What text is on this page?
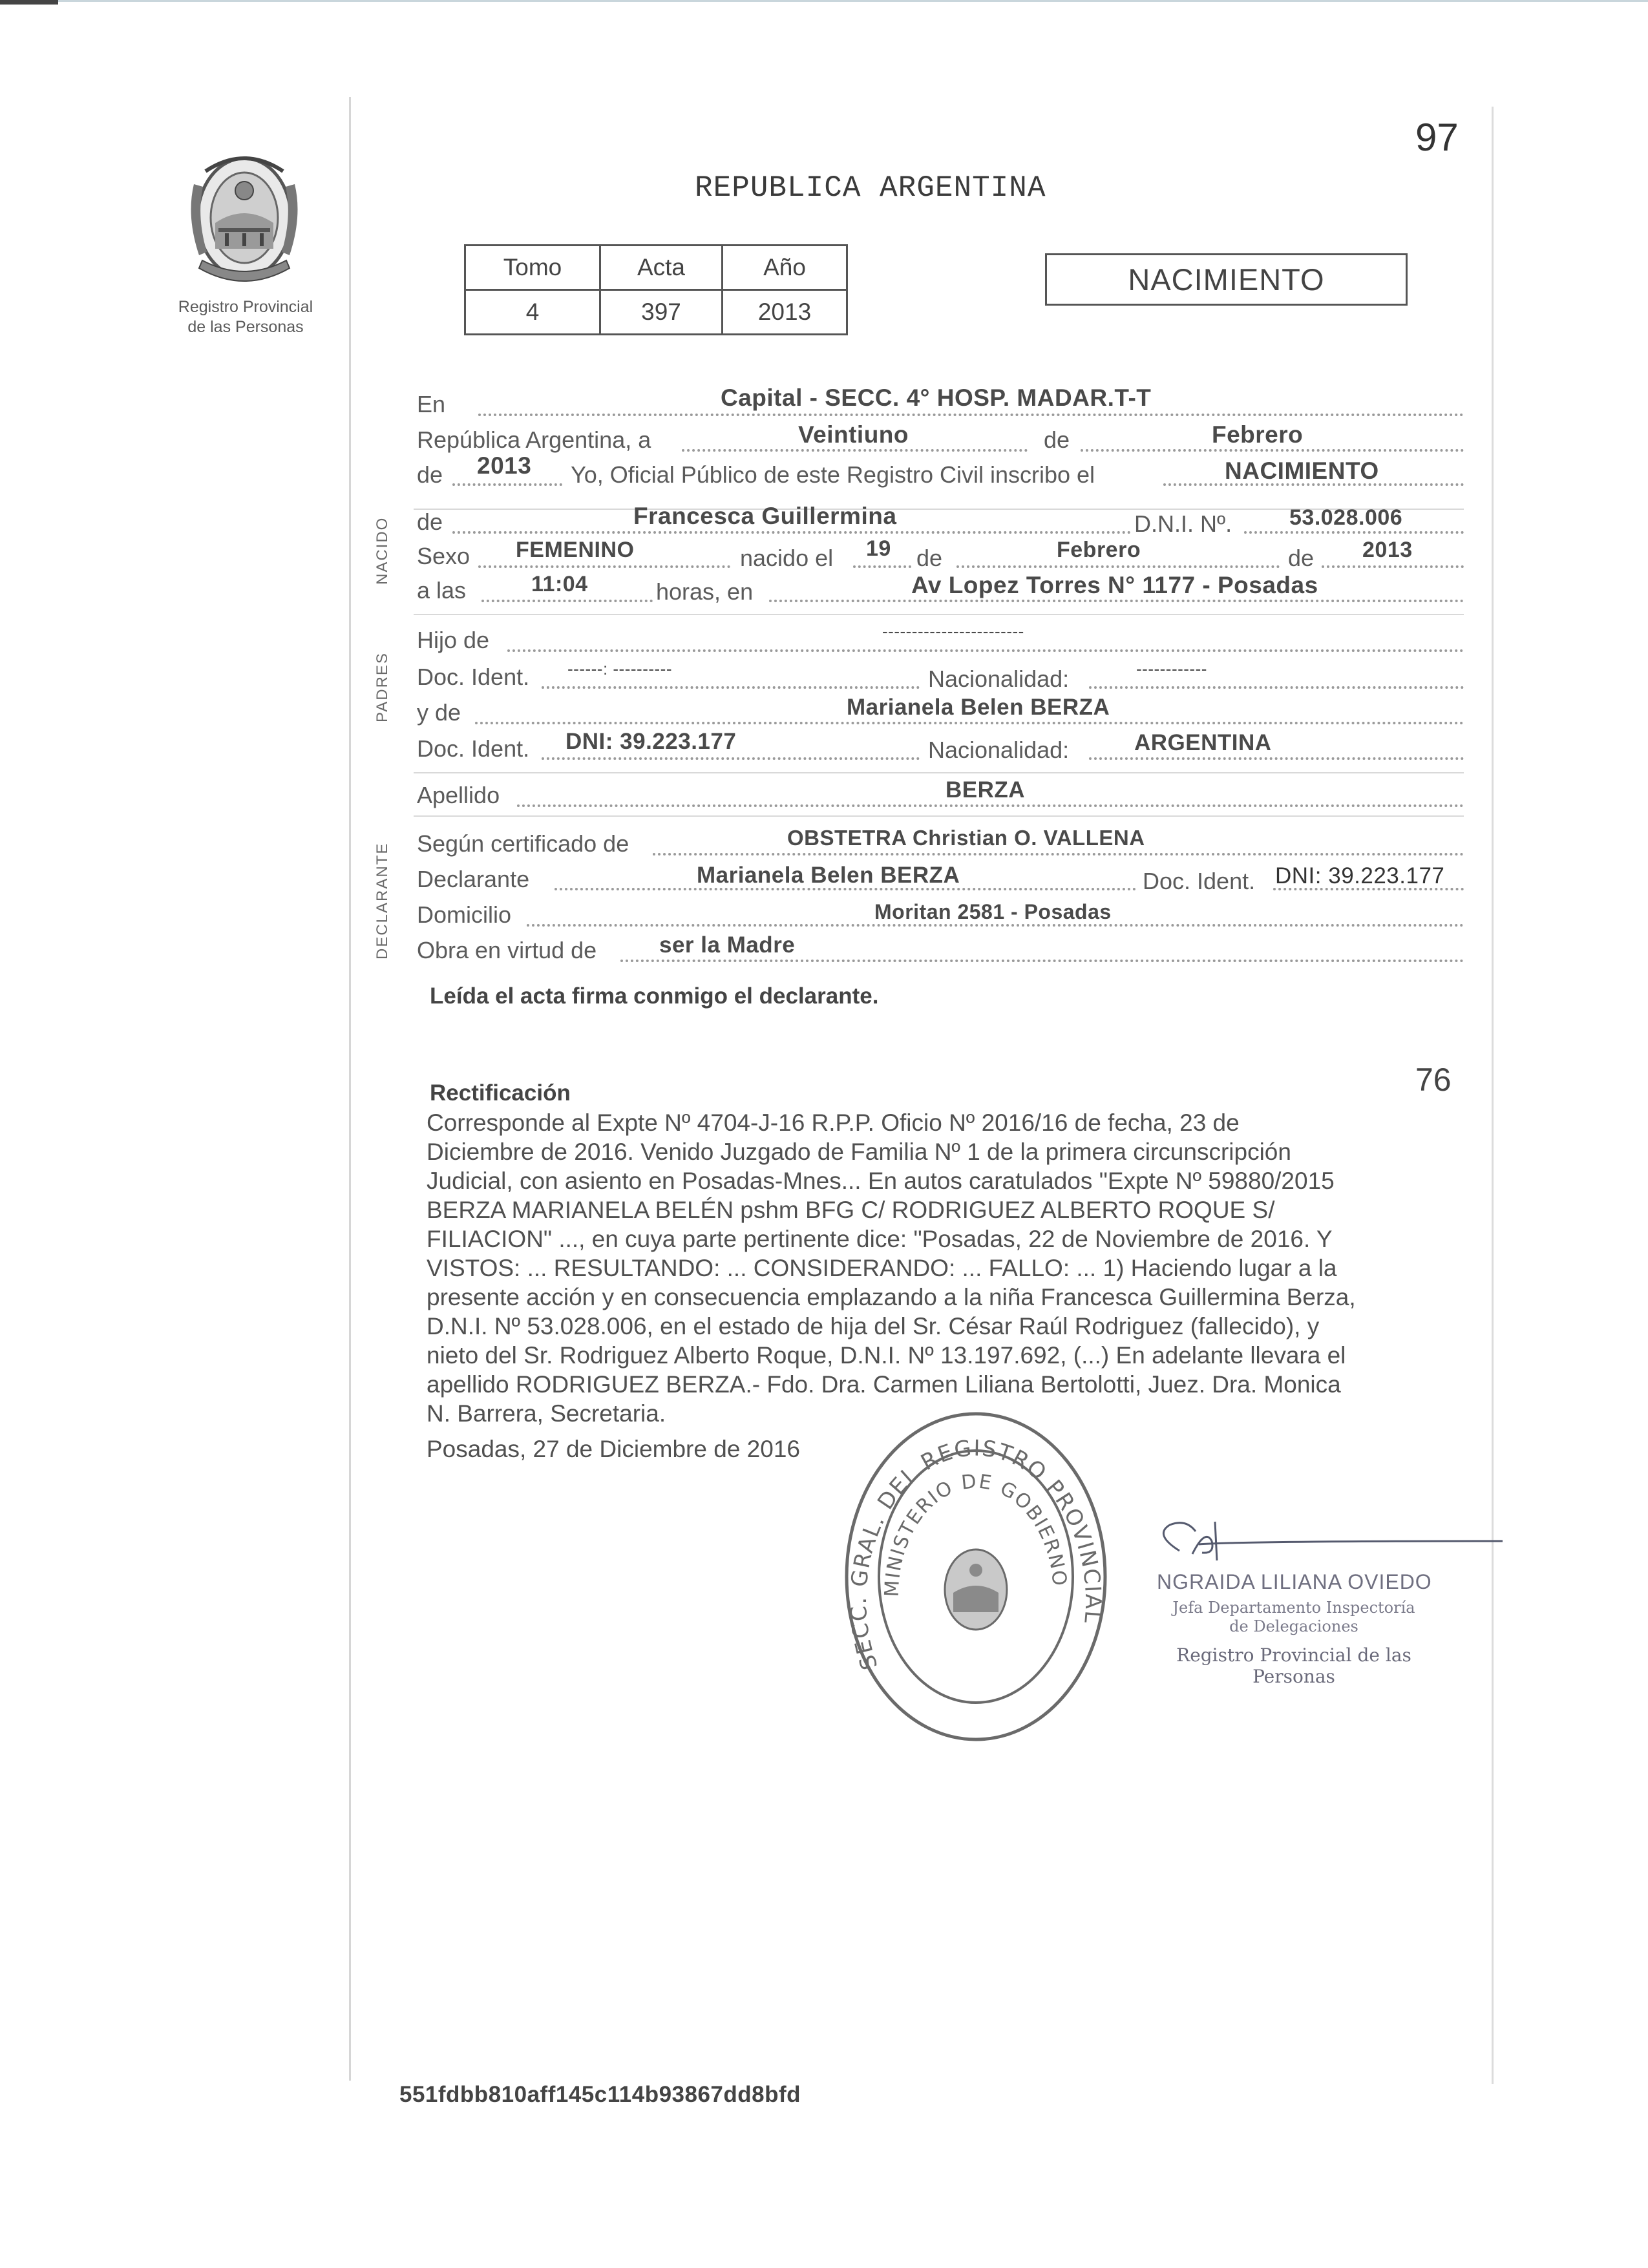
Registro Provincial
de las Personas
97
REPUBLICA ARGENTINA
Tomo	Acta	Año
4	397	2013
NACIMIENTO
NACIDO
PADRES
DECLARANTE
En	Capital - SECC. 4° HOSP. MADAR.T-T
República Argentina, a	Veintiuno	de	Febrero
de 2013 Yo, Oficial Público de este Registro Civil inscribo el	NACIMIENTO
de	Francesca Guillermina	D.N.I. Nº.	53.028.006
Sexo FEMENINO	nacido el 19 de	Febrero	de 2013
a las	11:04	horas, en	Av Lopez Torres N° 1177 - Posadas
Hijo de	------------------------
Doc. Ident. ------: ----------	Nacionalidad:	------------
y de	Marianela Belen BERZA
Doc. Ident. DNI: 39.223.177	Nacionalidad:	ARGENTINA
Apellido	BERZA
Según certificado de	OBSTETRA Christian O. VALLENA
Declarante	Marianela Belen BERZA	Doc. Ident. DNI: 39.223.177
Domicilio	Moritan 2581 - Posadas
Obra en virtud de	ser la Madre
Leída el acta firma conmigo el declarante.
Rectificación	76
Corresponde al Expte Nº 4704-J-16 R.P.P. Oficio Nº 2016/16 de fecha, 23 de
Diciembre de 2016. Venido Juzgado de Familia Nº 1 de la primera circunscripción
Judicial, con asiento en Posadas-Mnes... En autos caratulados "Expte Nº 59880/2015
BERZA MARIANELA BELÉN pshm BFG C/ RODRIGUEZ ALBERTO ROQUE S/
FILIACION" ..., en cuya parte pertinente dice: "Posadas, 22 de Noviembre de 2016. Y
VISTOS: ... RESULTANDO: ... CONSIDERANDO: ... FALLO: ... 1) Haciendo lugar a la
presente acción y en consecuencia emplazando a la niña Francesca Guillermina Berza,
D.N.I. Nº 53.028.006, en el estado de hija del Sr. César Raúl Rodriguez (fallecido), y
nieto del Sr. Rodriguez Alberto Roque, D.N.I. Nº 13.197.692, (...) En adelante llevara el
apellido RODRIGUEZ BERZA.- Fdo. Dra. Carmen Liliana Bertolotti, Juez. Dra. Monica
N. Barrera, Secretaria.
Posadas, 27 de Diciembre de 2016
SECC. GRAL. DEL REGISTRO PROVINCIAL
MINISTERIO DE GOBIERNO	NGRAIDA LILIANA OVIEDO
Jefa Departamento Inspectoría
de Delegaciones
Registro Provincial de las Personas
551fdbb810aff145c114b93867dd8bfd
